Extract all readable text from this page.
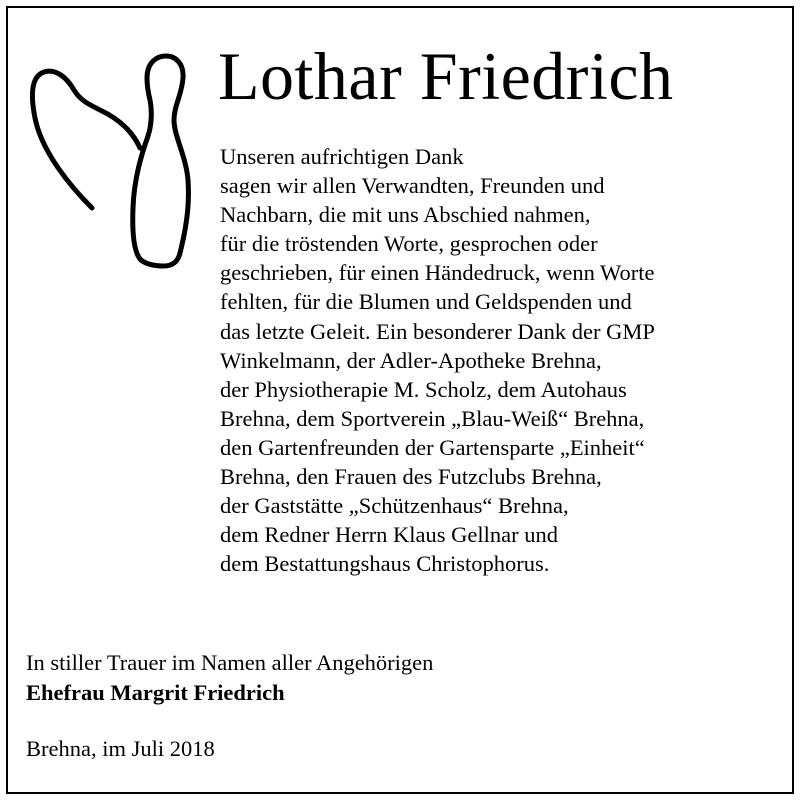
Lothar Friedrich
Unseren aufrichtigen Dank
sagen wir allen Verwandten, Freunden und
Nachbarn, die mit uns Abschied nahmen,
für die tröstenden Worte, gesprochen oder
geschrieben, für einen Händedruck, wenn Worte
fehlten, für die Blumen und Geldspenden und
das letzte Geleit. Ein besonderer Dank der GMP
Winkelmann, der Adler-Apotheke Brehna,
der Physiotherapie M. Scholz, dem Autohaus
Brehna, dem Sportverein „Blau-Weiß“ Brehna,
den Gartenfreunden der Gartensparte „Einheit“
Brehna, den Frauen des Futzclubs Brehna,
der Gaststätte „Schützenhaus“ Brehna,
dem Redner Herrn Klaus Gellnar und
dem Bestattungshaus Christophorus.
In stiller Trauer im Namen aller Angehörigen
Ehefrau Margrit Friedrich
Brehna, im Juli 2018
